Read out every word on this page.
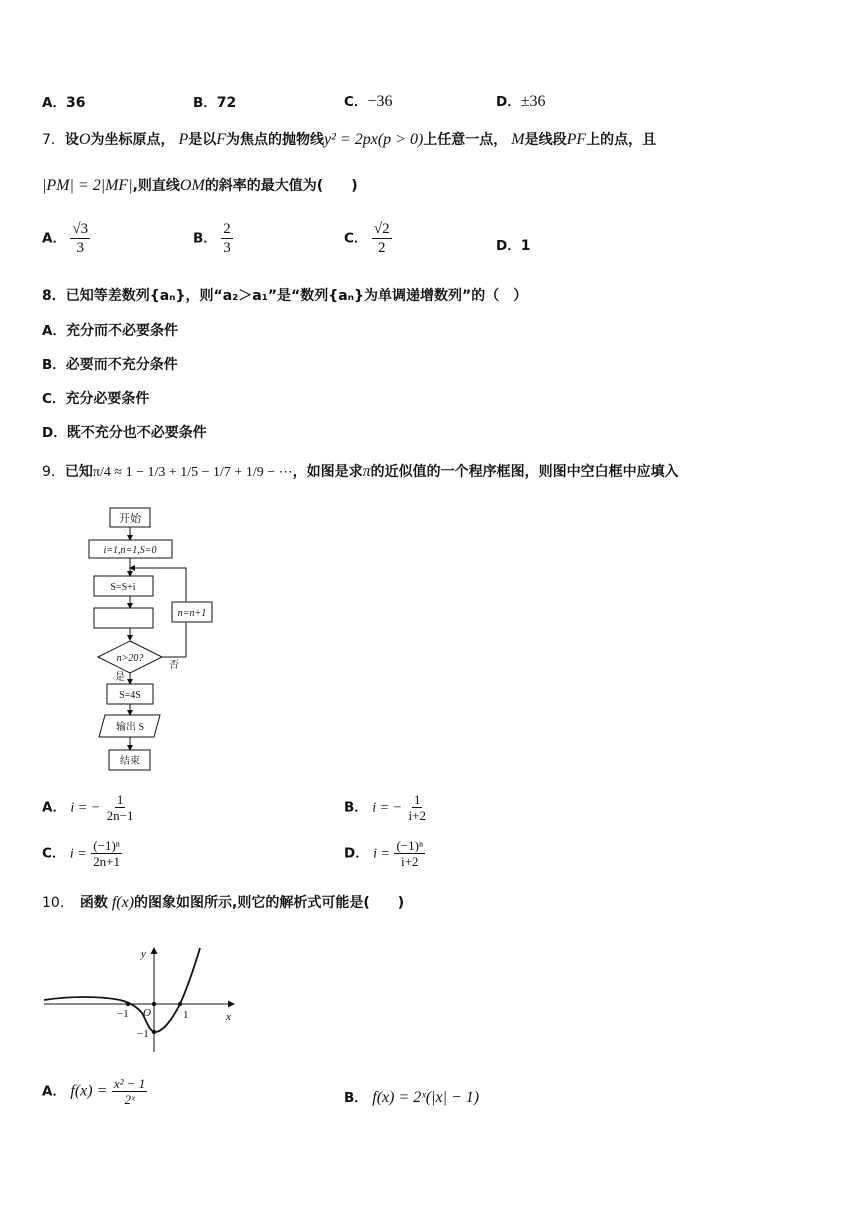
A．36	B．72	C．−36	D．±36
7．设O为坐标原点， P是以F为焦点的抛物线y² = 2px(p > 0)上任意一点， M是线段PF上的点，且
|PM| = 2|MF|,则直线OM的斜率的最大值为(　　)
A． $\frac{√3}{3}$	B． $\frac{2}{3}$	C． $\frac{√2}{2}$	D．1
8．已知等差数列{aₙ}，则“a₂＞a₁”是“数列{aₙ}为单调递增数列”的（　）
A．充分而不必要条件
B．必要而不充分条件
C．充分必要条件
D．既不充分也不必要条件
9．已知π/4 ≈ 1 − 1/3 + 1/5 − 1/7 + 1/9 − ⋯，如图是求π的近似值的一个程序框图，则图中空白框中应填入
开始
i=1,n=1,S=0
S=S+i
n=n+1
n>20?
否
是
S=4S
输出 S
结束
A． i = − $\frac{1}{2n-1}$	B． i = − $\frac{1}{i+2}$
C． $i = \frac{\text{(−1)ⁿ}}{2n+1}$	D． $i = \frac{\text{(−1)ⁿ}}{i+2}$
10． 函数 f(x)的图象如图所示,则它的解析式可能是(　　)
x
y
O
−1	1
−1
A． $f(x) = \frac{\text{x² − 1}}{\text{2ˣ}}$	B． f(x) = 2ˣ(|x| − 1)
